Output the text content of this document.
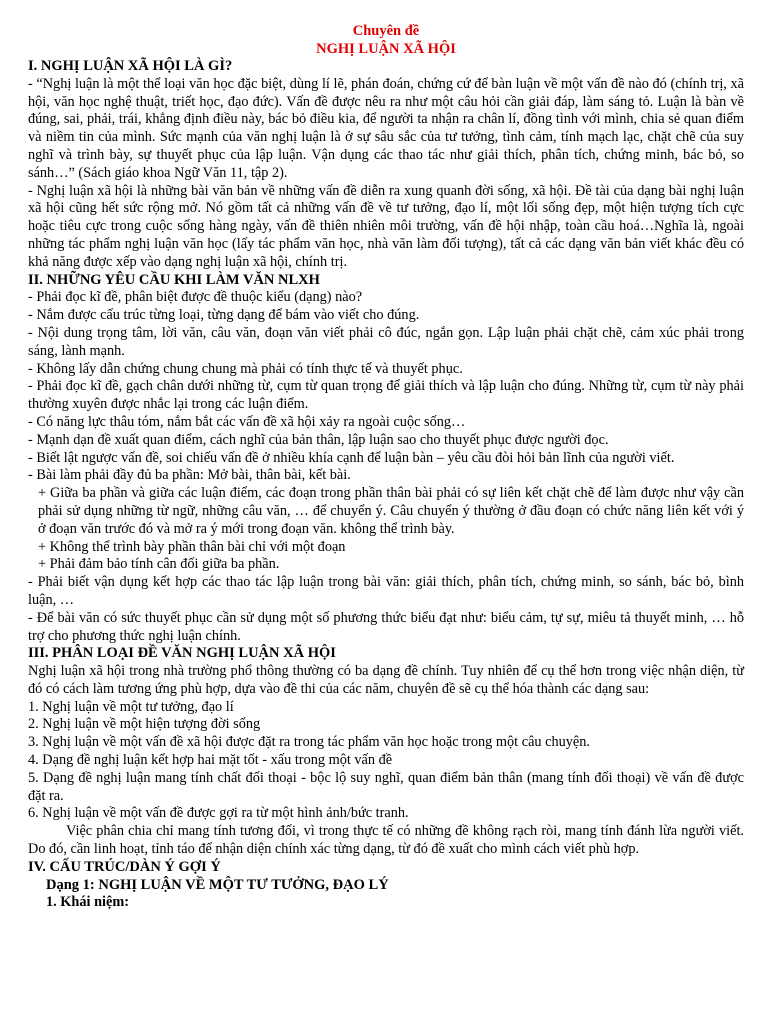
Chuyên đề
NGHỊ LUẬN XÃ HỘI
I. NGHỊ LUẬN XÃ HỘI LÀ GÌ?

- “Nghị luận là một thể loại văn học đặc biệt, dùng lí lẽ, phán đoán, chứng cứ để bàn luận về một vấn đề nào đó (chính trị, xã hội, văn học nghệ thuật, triết học, đạo đức). Vấn đề được nêu ra như một câu hỏi cần giải đáp, làm sáng tỏ. Luận là bàn về đúng, sai, phải, trái, khẳng định điều này, bác bỏ điều kia, để người ta nhận ra chân lí, đồng tình với mình, chia sẻ quan điểm và niềm tin của mình. Sức mạnh của văn nghị luận là ở sự sâu sắc của tư tưởng, tình cảm, tính mạch lạc, chặt chẽ của suy nghĩ và trình bày, sự thuyết phục của lập luận. Vận dụng các thao tác như giải thích, phân tích, chứng minh, bác bỏ, so sánh…” (Sách giáo khoa Ngữ Văn 11, tập 2).

- Nghị luận xã hội là những bài văn bản về những vấn đề diễn ra xung quanh đời sống, xã hội. Đề tài của dạng bài nghị luận xã hội cũng hết sức rộng mở. Nó gồm tất cả những vấn đề về tư tưởng, đạo lí, một lối sống đẹp, một hiện tượng tích cực hoặc tiêu cực trong cuộc sống hàng ngày, vấn đề thiên nhiên môi trường, vấn đề hội nhập, toàn cầu hoá…Nghĩa là, ngoài những tác phẩm nghị luận văn học (lấy tác phẩm văn học, nhà văn làm đối tượng), tất cả các dạng văn bản viết khác đều có khả năng được xếp vào dạng nghị luận xã hội, chính trị.

II. NHỮNG YÊU CẦU KHI LÀM VĂN NLXH

- Phải đọc kĩ đề, phân biệt được đề thuộc kiểu (dạng) nào?

- Nắm được cấu trúc từng loại, từng dạng để bám vào viết cho đúng.

- Nội dung trọng tâm, lời văn, câu văn, đoạn văn viết phải cô đúc, ngắn gọn. Lập luận phải chặt chẽ, cảm xúc phải trong sáng, lành mạnh.

- Không lấy dẫn chứng chung chung mà phải có tính thực tế và thuyết phục.

- Phải đọc kĩ đề, gạch chân dưới những từ, cụm từ quan trọng để giải thích và lập luận cho đúng. Những từ, cụm từ này phải thường xuyên được nhắc lại trong các luận điểm.

- Có năng lực thâu tóm, nắm bắt các vấn đề xã hội xảy ra ngoài cuộc sống…

- Mạnh dạn đề xuất quan điểm, cách nghĩ của bản thân, lập luận sao cho thuyết phục được người đọc.

- Biết lật ngược vấn đề, soi chiếu vấn đề ở nhiều khía cạnh để luận bàn – yêu cầu đòi hỏi bản lĩnh của người viết.

- Bài làm phải đầy đủ ba phần: Mở bài, thân bài, kết bài.

+ Giữa ba phần và giữa các luận điểm, các đoạn trong phần thân bài phải có sự liên kết chặt chẽ để làm được như vậy cần phải sử dụng những từ ngữ, những câu văn, … để chuyển ý. Câu chuyển ý thường ở đầu đoạn có chức năng liên kết với ý ở đoạn văn trước đó và mở ra ý mới trong đoạn văn. không thể trình bày.

+ Không thể trình bày phần thân bài chỉ với một đoạn

+ Phải đảm bảo tính cân đối giữa ba phần.

- Phải biết vận dụng kết hợp các thao tác lập luận trong bài văn: giải thích, phân tích, chứng minh, so sánh, bác bỏ, bình luận, …

- Để bài văn có sức thuyết phục cần sử dụng một số phương thức biểu đạt như: biểu cảm, tự sự, miêu tả thuyết minh, … hỗ trợ cho phương thức nghị luận chính.

III. PHÂN LOẠI ĐỀ VĂN NGHỊ LUẬN XÃ HỘI

Nghị luận xã hội trong nhà trường phổ thông thường có ba dạng đề chính. Tuy nhiên để cụ thể hơn trong việc nhận diện, từ đó có cách làm tương ứng phù hợp, dựa vào đề thi của các năm, chuyên đề sẽ cụ thể hóa thành các dạng sau:

1. Nghị luận về một tư tưởng, đạo lí

2. Nghị luận về một hiện tượng đời sống

3. Nghị luận về một vấn đề xã hội được đặt ra trong tác phẩm văn học hoặc trong một câu chuyện.

4. Dạng đề nghị luận kết hợp hai mặt tốt - xấu trong một vấn đề

5. Dạng đề nghị luận mang tính chất đối thoại - bộc lộ suy nghĩ, quan điểm bản thân (mang tính đối thoại) về vấn đề được đặt ra.

6. Nghị luận về một vấn đề được gợi ra từ một hình ảnh/bức tranh.

Việc phân chia chỉ mang tính tương đối, vì trong thực tế có những đề không rạch ròi, mang tính đánh lừa người viết. Do đó, cần linh hoạt, tỉnh táo để nhận diện chính xác từng dạng, từ đó đề xuất cho mình cách viết phù hợp.

IV. CẤU TRÚC/DÀN Ý GỢI Ý
Dạng 1: NGHỊ LUẬN VỀ MỘT TƯ TƯỞNG, ĐẠO LÝ
1. Khái niệm:
